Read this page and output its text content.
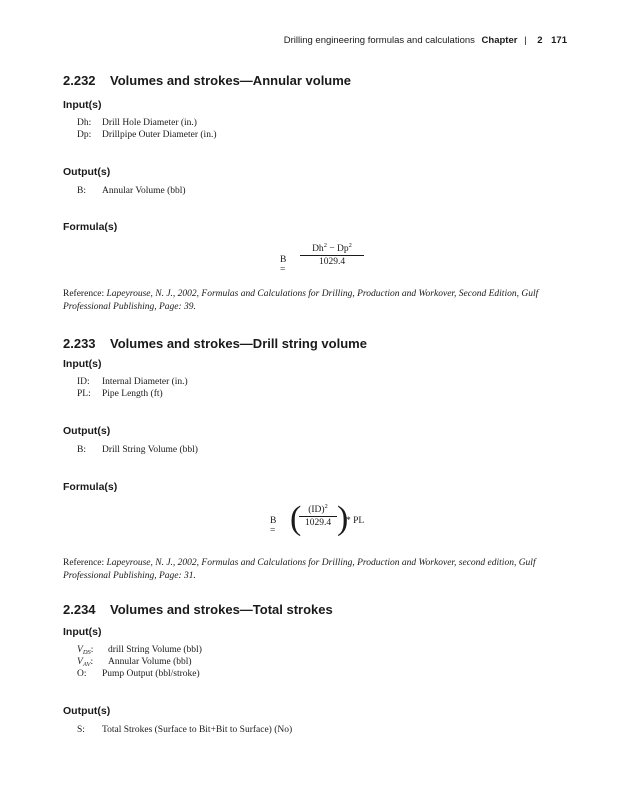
Drilling engineering formulas and calculations Chapter | 2 171
2.232 Volumes and strokes—Annular volume
Input(s)
Dh: Drill Hole Diameter (in.)
Dp: Drillpipe Outer Diameter (in.)
Output(s)
B: Annular Volume (bbl)
Formula(s)
B =
$\frac{Dh^2 - Dp^2}{1029.4}$
Reference: Lapeyrouse, N. J., 2002, Formulas and Calculations for Drilling, Production and Workover, Second Edition, Gulf Professional Publishing, Page: 39.
2.233 Volumes and strokes—Drill string volume
Input(s)
ID: Internal Diameter (in.)
PL: Pipe Length (ft)
Output(s)
B: Drill String Volume (bbl)
Formula(s)
B = (
$\frac{(ID)^2}{1029.4}$ )
* PL
Reference: Lapeyrouse, N. J., 2002, Formulas and Calculations for Drilling, Production and Workover, second edition, Gulf Professional Publishing, Page: 31.
2.234 Volumes and strokes—Total strokes
Input(s)
$V_{DS}$: drill String Volume (bbl)
$V_{AV}$: Annular Volume (bbl)
O: Pump Output (bbl/stroke)
Output(s)
S: Total Strokes (Surface to Bit+Bit to Surface) (No)
